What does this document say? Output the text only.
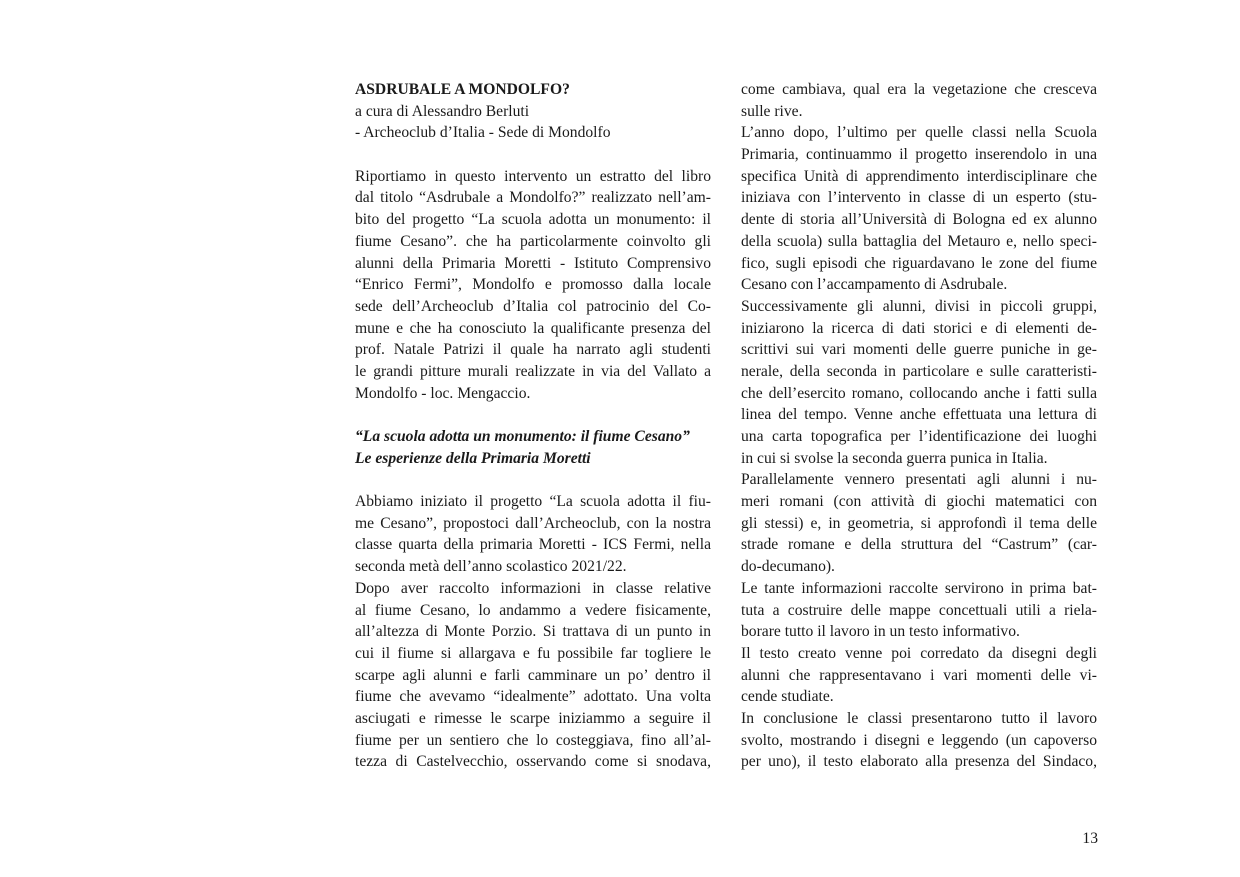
ASDRUBALE A MONDOLFO?
a cura di Alessandro Berluti
- Archeoclub d’Italia - Sede di Mondolfo
Riportiamo in questo intervento un estratto del libro
dal titolo “Asdrubale a Mondolfo?” realizzato nell’am-
bito del progetto “La scuola adotta un monumento: il
fiume Cesano”. che ha particolarmente coinvolto gli
alunni della Primaria Moretti - Istituto Comprensivo
“Enrico Fermi”, Mondolfo e promosso dalla locale
sede dell’Archeoclub d’Italia col patrocinio del Co-
mune e che ha conosciuto la qualificante presenza del
prof. Natale Patrizi il quale ha narrato agli studenti
le grandi pitture murali realizzate in via del Vallato a
Mondolfo - loc. Mengaccio.
“La scuola adotta un monumento: il fiume Cesano”
Le esperienze della Primaria Moretti
Abbiamo iniziato il progetto “La scuola adotta il fiu-
me Cesano”, propostoci dall’Archeoclub, con la nostra
classe quarta della primaria Moretti - ICS Fermi, nella
seconda metà dell’anno scolastico 2021/22.
Dopo aver raccolto informazioni in classe relative
al fiume Cesano, lo andammo a vedere fisicamente,
all’altezza di Monte Porzio. Si trattava di un punto in
cui il fiume si allargava e fu possibile far togliere le
scarpe agli alunni e farli camminare un po’ dentro il
fiume che avevamo “idealmente” adottato. Una volta
asciugati e rimesse le scarpe iniziammo a seguire il
fiume per un sentiero che lo costeggiava, fino all’al-
tezza di Castelvecchio, osservando come si snodava,
come cambiava, qual era la vegetazione che cresceva
sulle rive.
L’anno dopo, l’ultimo per quelle classi nella Scuola
Primaria, continuammo il progetto inserendolo in una
specifica Unità di apprendimento interdisciplinare che
iniziava con l’intervento in classe di un esperto (stu-
dente di storia all’Università di Bologna ed ex alunno
della scuola) sulla battaglia del Metauro e, nello speci-
fico, sugli episodi che riguardavano le zone del fiume
Cesano con l’accampamento di Asdrubale.
Successivamente gli alunni, divisi in piccoli gruppi,
iniziarono la ricerca di dati storici e di elementi de-
scrittivi sui vari momenti delle guerre puniche in ge-
nerale, della seconda in particolare e sulle caratteristi-
che dell’esercito romano, collocando anche i fatti sulla
linea del tempo. Venne anche effettuata una lettura di
una carta topografica per l’identificazione dei luoghi
in cui si svolse la seconda guerra punica in Italia.
Parallelamente vennero presentati agli alunni i nu-
meri romani (con attività di giochi matematici con
gli stessi) e, in geometria, si approfondì il tema delle
strade romane e della struttura del “Castrum” (car-
do-decumano).
Le tante informazioni raccolte servirono in prima bat-
tuta a costruire delle mappe concettuali utili a riela-
borare tutto il lavoro in un testo informativo.
Il testo creato venne poi corredato da disegni degli
alunni che rappresentavano i vari momenti delle vi-
cende studiate.
In conclusione le classi presentarono tutto il lavoro
svolto, mostrando i disegni e leggendo (un capoverso
per uno), il testo elaborato alla presenza del Sindaco,
13
